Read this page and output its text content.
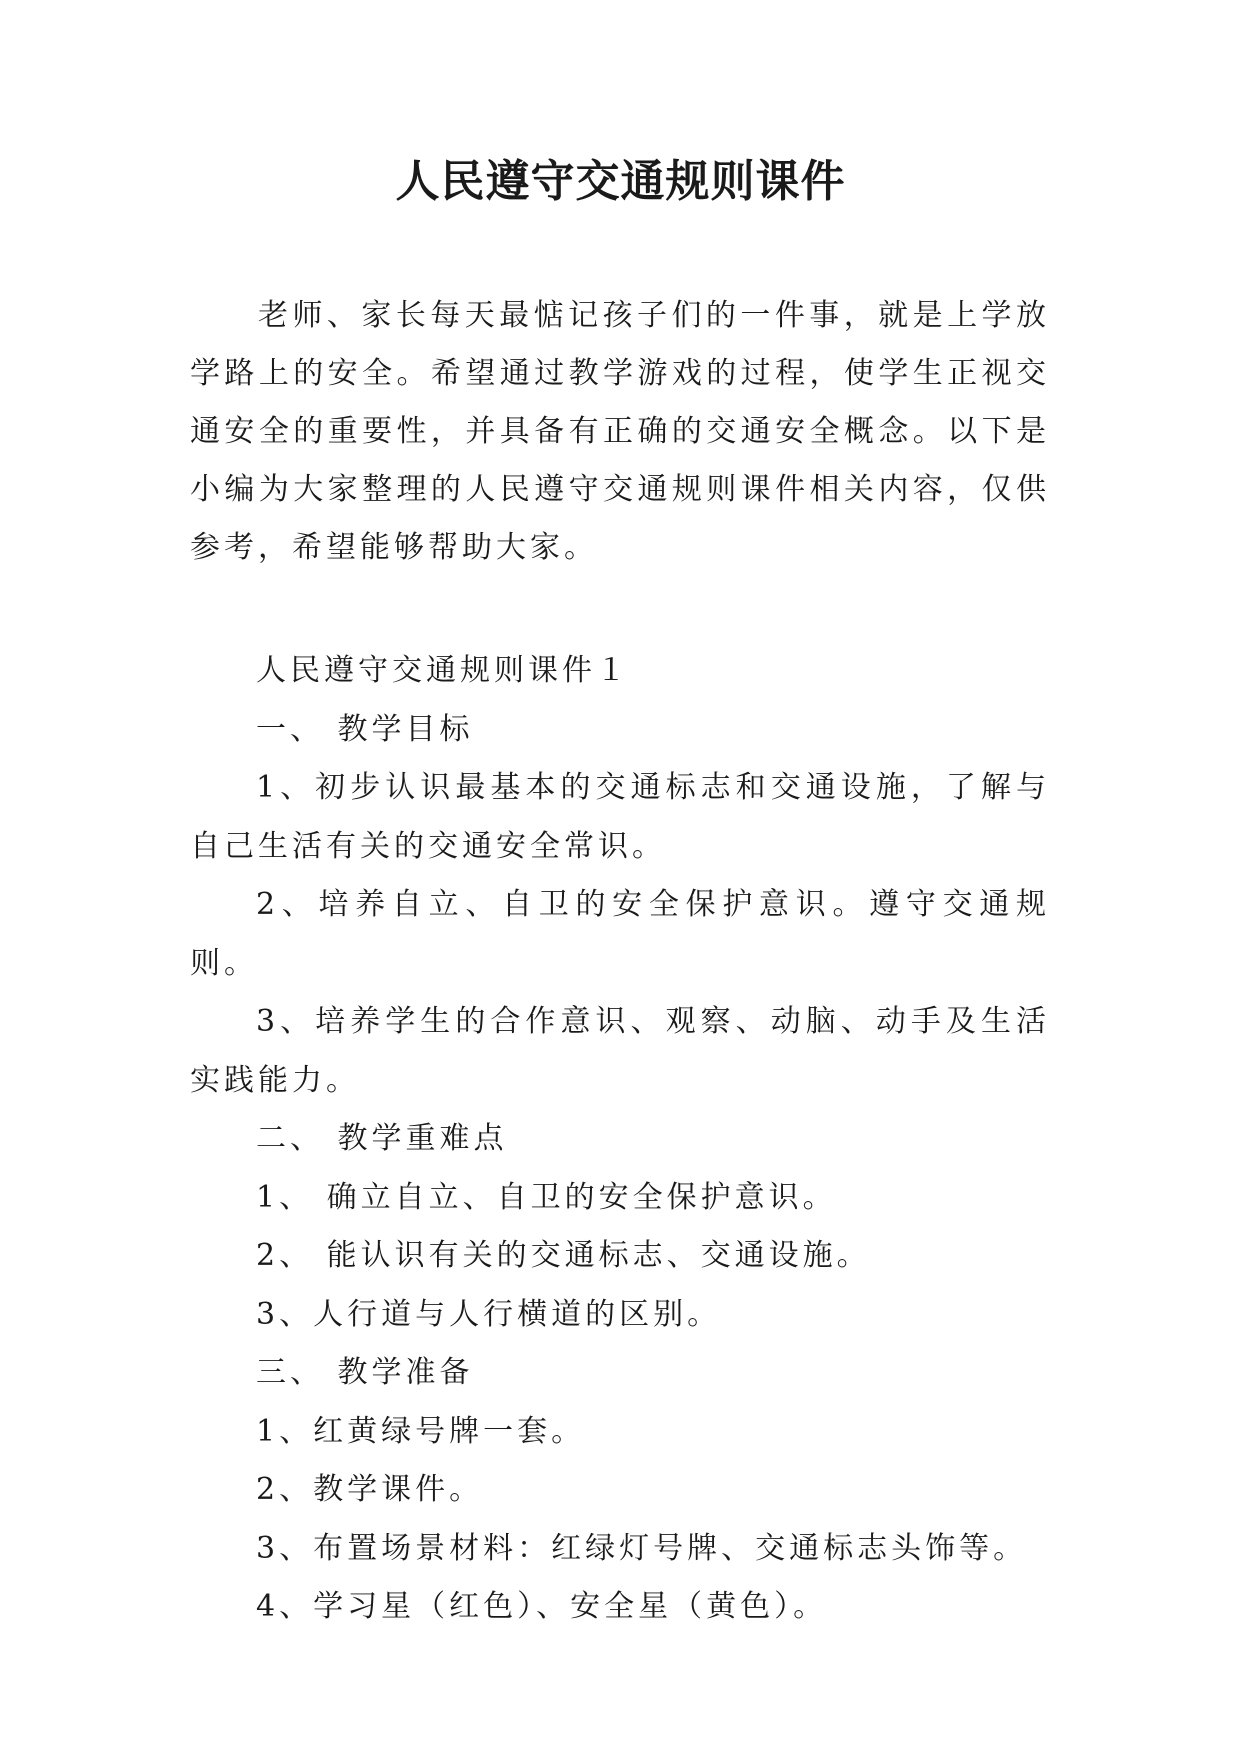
人民遵守交通规则课件

老师、家长每天最惦记孩子们的一件事，就是上学放学路上的安全。希望通过教学游戏的过程，使学生正视交通安全的重要性，并具备有正确的交通安全概念。以下是小编为大家整理的人民遵守交通规则课件相关内容，仅供参考，希望能够帮助大家。

人民遵守交通规则课件１

一、 教学目标

1、初步认识最基本的交通标志和交通设施，了解与自己生活有关的交通安全常识。

2、培养自立、自卫的安全保护意识。遵守交通规则。

3、培养学生的合作意识、观察、动脑、动手及生活实践能力。

二、 教学重难点

1、 确立自立、自卫的安全保护意识。

2、 能认识有关的交通标志、交通设施。

3、人行道与人行横道的区别。

三、 教学准备

1、红黄绿号牌一套。

2、教学课件。

3、布置场景材料：红绿灯号牌、交通标志头饰等。

4、学习星（红色）、安全星（黄色）。
